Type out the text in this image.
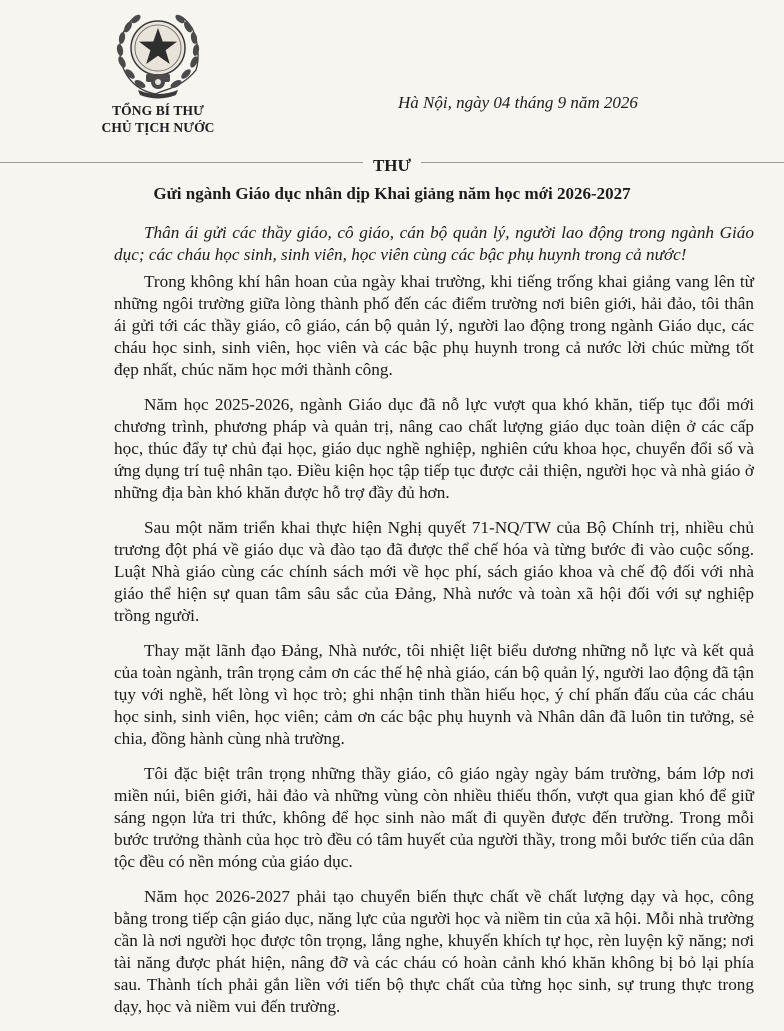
TỔNG BÍ THƯ
CHỦ TỊCH NƯỚC
Hà Nội, ngày 04 tháng 9 năm 2026
THƯ
Gửi ngành Giáo dục nhân dịp Khai giảng năm học mới 2026-2027
Thân ái gửi các thầy giáo, cô giáo, cán bộ quản lý, người lao động trong ngành Giáo dục; các cháu học sinh, sinh viên, học viên cùng các bậc phụ huynh trong cả nước!

Trong không khí hân hoan của ngày khai trường, khi tiếng trống khai giảng vang lên từ những ngôi trường giữa lòng thành phố đến các điểm trường nơi biên giới, hải đảo, tôi thân ái gửi tới các thầy giáo, cô giáo, cán bộ quản lý, người lao động trong ngành Giáo dục, các cháu học sinh, sinh viên, học viên và các bậc phụ huynh trong cả nước lời chúc mừng tốt đẹp nhất, chúc năm học mới thành công.

Năm học 2025-2026, ngành Giáo dục đã nỗ lực vượt qua khó khăn, tiếp tục đổi mới chương trình, phương pháp và quản trị, nâng cao chất lượng giáo dục toàn diện ở các cấp học, thúc đẩy tự chủ đại học, giáo dục nghề nghiệp, nghiên cứu khoa học, chuyển đổi số và ứng dụng trí tuệ nhân tạo. Điều kiện học tập tiếp tục được cải thiện, người học và nhà giáo ở những địa bàn khó khăn được hỗ trợ đầy đủ hơn.

Sau một năm triển khai thực hiện Nghị quyết 71-NQ/TW của Bộ Chính trị, nhiều chủ trương đột phá về giáo dục và đào tạo đã được thể chế hóa và từng bước đi vào cuộc sống. Luật Nhà giáo cùng các chính sách mới về học phí, sách giáo khoa và chế độ đối với nhà giáo thể hiện sự quan tâm sâu sắc của Đảng, Nhà nước và toàn xã hội đối với sự nghiệp trồng người.

Thay mặt lãnh đạo Đảng, Nhà nước, tôi nhiệt liệt biểu dương những nỗ lực và kết quả của toàn ngành, trân trọng cảm ơn các thế hệ nhà giáo, cán bộ quản lý, người lao động đã tận tụy với nghề, hết lòng vì học trò; ghi nhận tinh thần hiếu học, ý chí phấn đấu của các cháu học sinh, sinh viên, học viên; cảm ơn các bậc phụ huynh và Nhân dân đã luôn tin tưởng, sẻ chia, đồng hành cùng nhà trường.

Tôi đặc biệt trân trọng những thầy giáo, cô giáo ngày ngày bám trường, bám lớp nơi miền núi, biên giới, hải đảo và những vùng còn nhiều thiếu thốn, vượt qua gian khó để giữ sáng ngọn lửa tri thức, không để học sinh nào mất đi quyền được đến trường. Trong mỗi bước trưởng thành của học trò đều có tâm huyết của người thầy, trong mỗi bước tiến của dân tộc đều có nền móng của giáo dục.

Năm học 2026-2027 phải tạo chuyển biến thực chất về chất lượng dạy và học, công bằng trong tiếp cận giáo dục, năng lực của người học và niềm tin của xã hội. Mỗi nhà trường cần là nơi người học được tôn trọng, lắng nghe, khuyến khích tự học, rèn luyện kỹ năng; nơi tài năng được phát hiện, nâng đỡ và các cháu có hoàn cảnh khó khăn không bị bỏ lại phía sau. Thành tích phải gắn liền với tiến bộ thực chất của từng học sinh, sự trung thực trong dạy, học và niềm vui đến trường.
